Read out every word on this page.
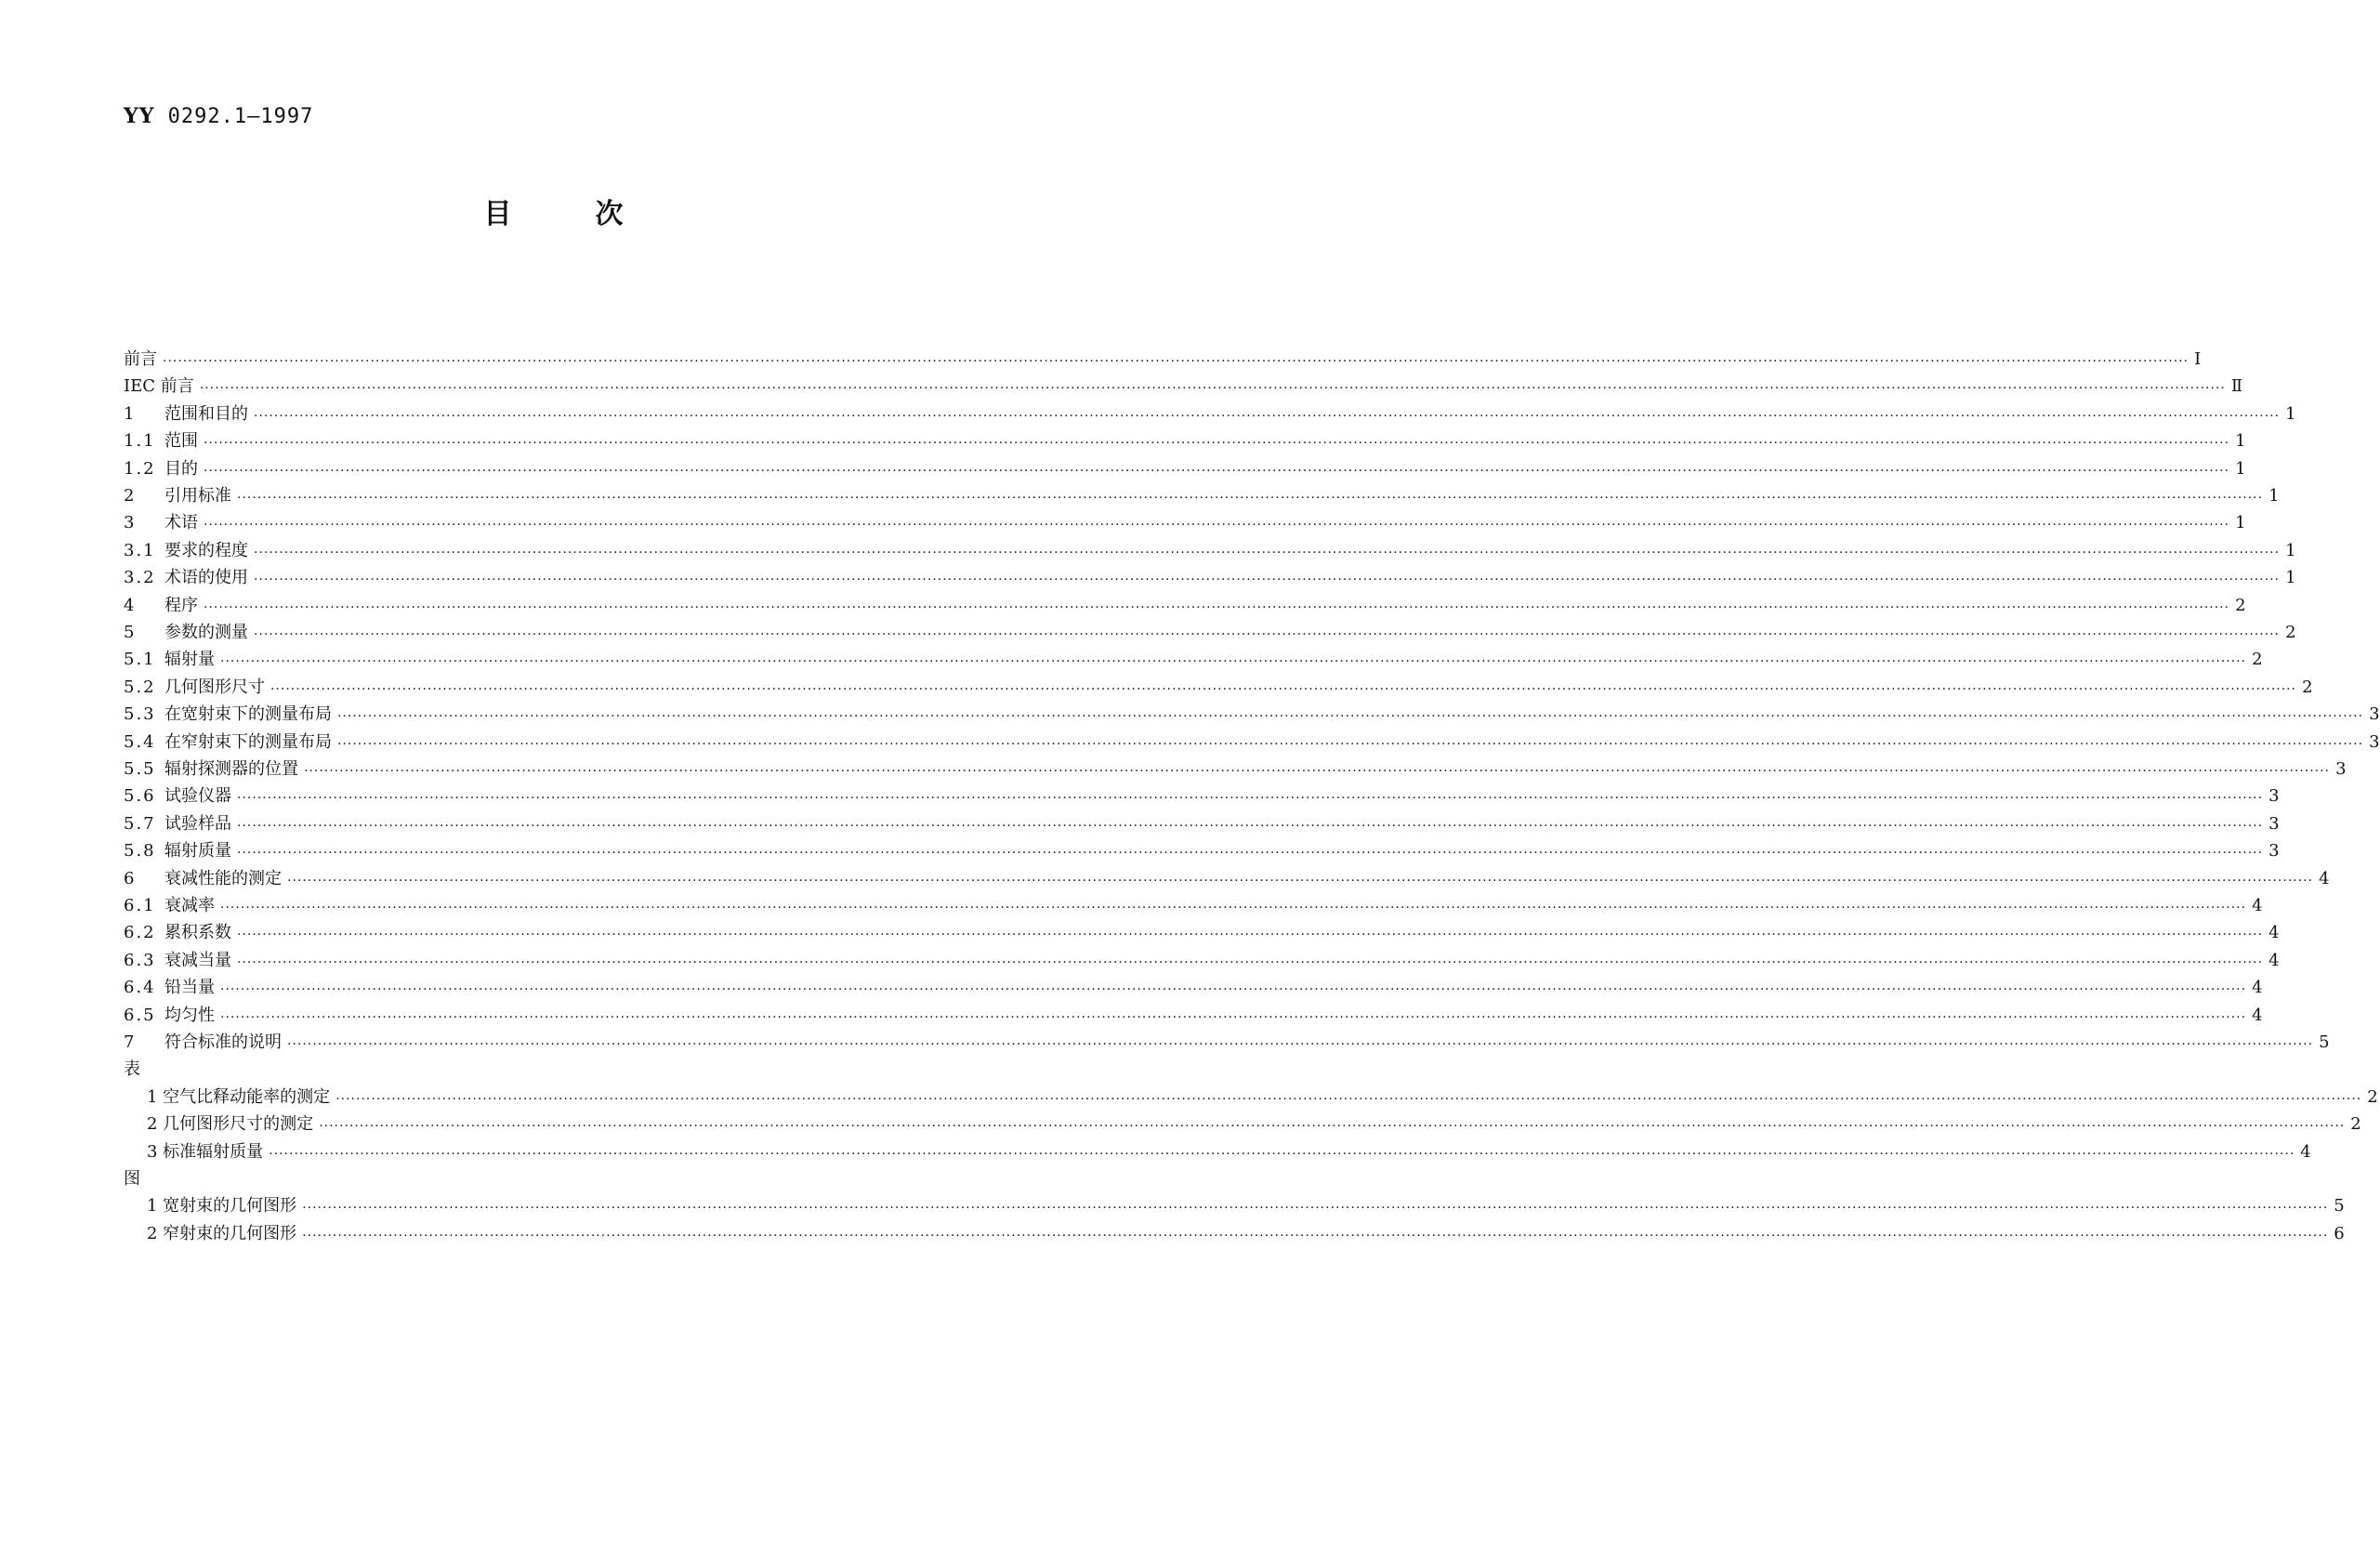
YY 0292.1—1997
目次
前言 ················································································································································································································································································································································································································ Ⅰ
IEC 前言 ················································································································································································································································································································································································································ Ⅱ
1 范围和目的 ················································································································································································································································································································································································································ 1
1.1 范围 ················································································································································································································································································································································································································ 1
1.2 目的 ················································································································································································································································································································································································································ 1
2 引用标准 ················································································································································································································································································································································································································ 1
3 术语 ················································································································································································································································································································································································································ 1
3.1 要求的程度 ················································································································································································································································································································································································································ 1
3.2 术语的使用 ················································································································································································································································································································································································································ 1
4 程序 ················································································································································································································································································································································································································ 2
5 参数的测量 ················································································································································································································································································································································································································ 2
5.1 辐射量 ················································································································································································································································································································································································································ 2
5.2 几何图形尺寸 ················································································································································································································································································································································································································ 2
5.3 在宽射束下的测量布局 ················································································································································································································································································································································································································ 3
5.4 在窄射束下的测量布局 ················································································································································································································································································································································································································ 3
5.5 辐射探测器的位置 ················································································································································································································································································································································································································ 3
5.6 试验仪器 ················································································································································································································································································································································································································ 3
5.7 试验样品 ················································································································································································································································································································································································································ 3
5.8 辐射质量 ················································································································································································································································································································································································································ 3
6 衰减性能的测定 ················································································································································································································································································································································································································ 4
6.1 衰减率 ················································································································································································································································································································································································································ 4
6.2 累积系数 ················································································································································································································································································································································································································ 4
6.3 衰减当量 ················································································································································································································································································································································································································ 4
6.4 铅当量 ················································································································································································································································································································································································································ 4
6.5 均匀性 ················································································································································································································································································································································································································ 4
7 符合标准的说明 ················································································································································································································································································································································································································ 5
表
1 空气比释动能率的测定 ················································································································································································································································································································································································································ 2
2 几何图形尺寸的测定 ················································································································································································································································································································································································································ 2
3 标准辐射质量 ················································································································································································································································································································································································································ 4
图
1 宽射束的几何图形 ················································································································································································································································································································································································································ 5
2 窄射束的几何图形 ················································································································································································································································································································································································································ 6
